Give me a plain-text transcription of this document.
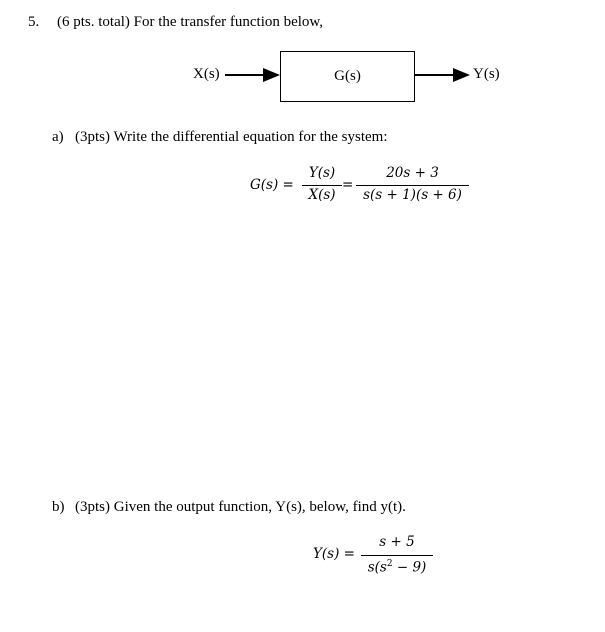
5. (6 pts. total) For the transfer function below,
X(s)	G(s)	Y(s)
a) (3pts) Write the differential equation for the system:
G(s) =
Y(s)
X(s)
=
20s + 3
s(s + 1)(s + 6)
b) (3pts) Given the output function, Y(s), below, find y(t).
Y(s) =
s + 5
$s(s^2 - 9)$
